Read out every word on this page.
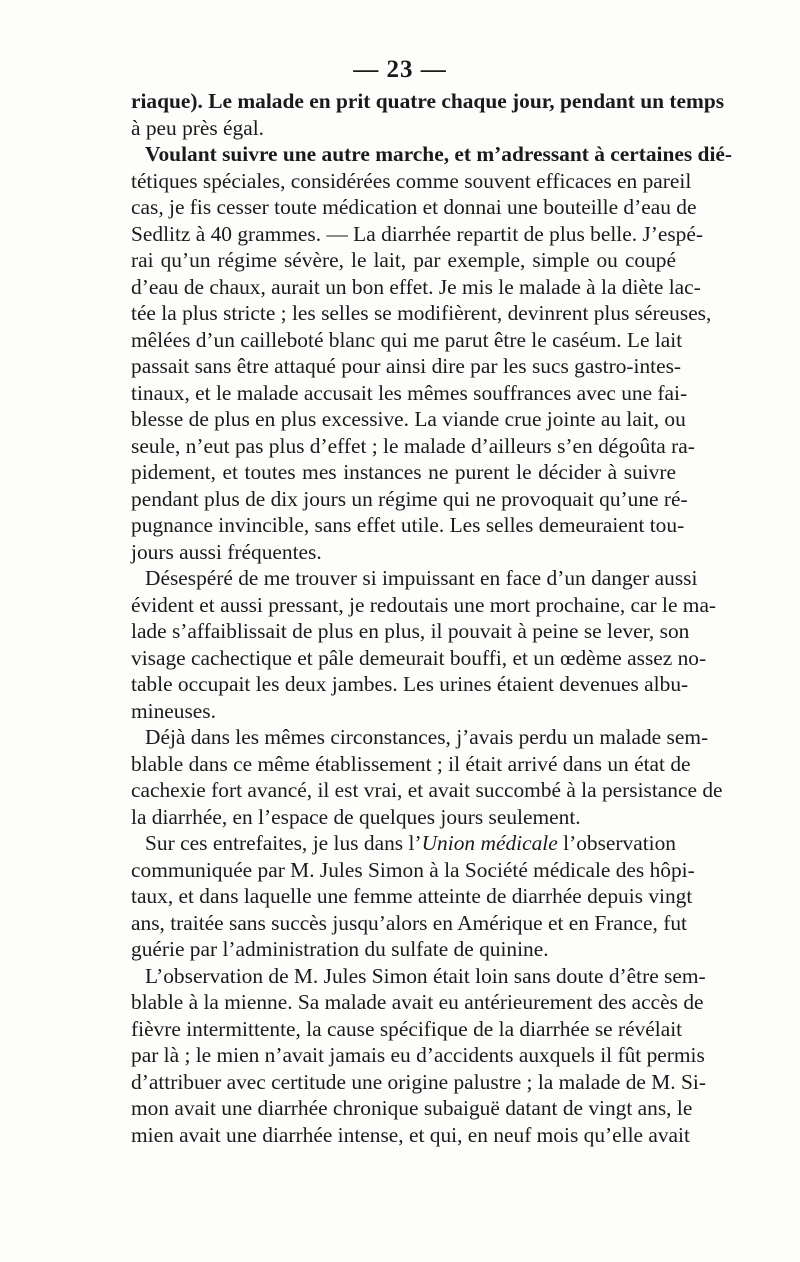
— 23 —
riaque). Le malade en prit quatre chaque jour, pendant un temps
à peu près égal.
Voulant suivre une autre marche, et m’adressant à certaines dié-
tétiques spéciales, considérées comme souvent efficaces en pareil
cas, je fis cesser toute médication et donnai une bouteille d’eau de
Sedlitz à 40 grammes. — La diarrhée repartit de plus belle. J’espé-
rai qu’un régime sévère, le lait, par exemple, simple ou coupé
d’eau de chaux, aurait un bon effet. Je mis le malade à la diète lac-
tée la plus stricte ; les selles se modifièrent, devinrent plus séreuses,
mêlées d’un cailleboté blanc qui me parut être le caséum. Le lait
passait sans être attaqué pour ainsi dire par les sucs gastro-intes-
tinaux, et le malade accusait les mêmes souffrances avec une fai-
blesse de plus en plus excessive. La viande crue jointe au lait, ou
seule, n’eut pas plus d’effet ; le malade d’ailleurs s’en dégoûta ra-
pidement, et toutes mes instances ne purent le décider à suivre
pendant plus de dix jours un régime qui ne provoquait qu’une ré-
pugnance invincible, sans effet utile. Les selles demeuraient tou-
jours aussi fréquentes.
Désespéré de me trouver si impuissant en face d’un danger aussi
évident et aussi pressant, je redoutais une mort prochaine, car le ma-
lade s’affaiblissait de plus en plus, il pouvait à peine se lever, son
visage cachectique et pâle demeurait bouffi, et un œdème assez no-
table occupait les deux jambes. Les urines étaient devenues albu-
mineuses.
Déjà dans les mêmes circonstances, j’avais perdu un malade sem-
blable dans ce même établissement ; il était arrivé dans un état de
cachexie fort avancé, il est vrai, et avait succombé à la persistance de
la diarrhée, en l’espace de quelques jours seulement.
Sur ces entrefaites, je lus dans l’Union médicale l’observation
communiquée par M. Jules Simon à la Société médicale des hôpi-
taux, et dans laquelle une femme atteinte de diarrhée depuis vingt
ans, traitée sans succès jusqu’alors en Amérique et en France, fut
guérie par l’administration du sulfate de quinine.
L’observation de M. Jules Simon était loin sans doute d’être sem-
blable à la mienne. Sa malade avait eu antérieurement des accès de
fièvre intermittente, la cause spécifique de la diarrhée se révélait
par là ; le mien n’avait jamais eu d’accidents auxquels il fût permis
d’attribuer avec certitude une origine palustre ; la malade de M. Si-
mon avait une diarrhée chronique subaiguë datant de vingt ans, le
mien avait une diarrhée intense, et qui, en neuf mois qu’elle avait
